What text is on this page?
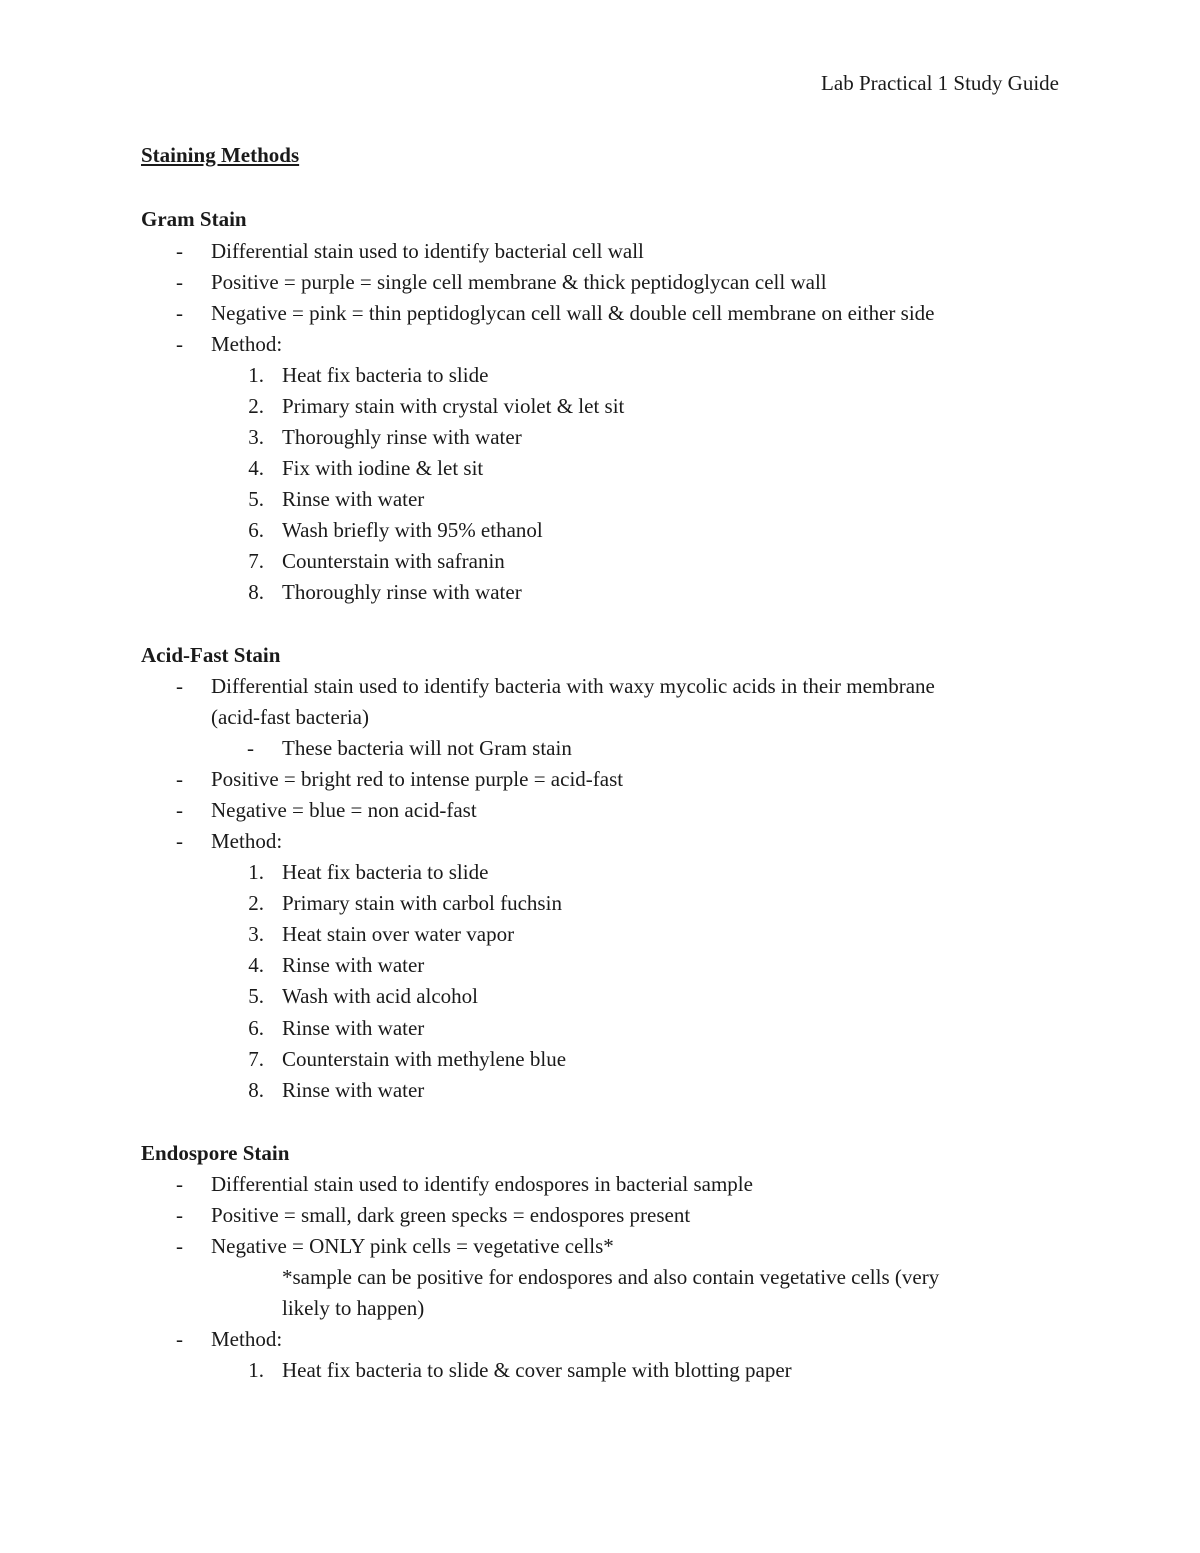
Lab Practical 1 Study Guide
Staining Methods
Gram Stain
-	Differential stain used to identify bacterial cell wall
-	Positive = purple = single cell membrane & thick peptidoglycan cell wall
-	Negative = pink = thin peptidoglycan cell wall & double cell membrane on either side
-	Method:
1. Heat fix bacteria to slide
2. Primary stain with crystal violet & let sit
3. Thoroughly rinse with water
4. Fix with iodine & let sit
5. Rinse with water
6. Wash briefly with 95% ethanol
7. Counterstain with safranin
8. Thoroughly rinse with water
Acid-Fast Stain
-	Differential stain used to identify bacteria with waxy mycolic acids in their membrane
(acid-fast bacteria)
-	These bacteria will not Gram stain
-	Positive = bright red to intense purple = acid-fast
-	Negative = blue = non acid-fast
-	Method:
1. Heat fix bacteria to slide
2. Primary stain with carbol fuchsin
3. Heat stain over water vapor
4. Rinse with water
5. Wash with acid alcohol
6. Rinse with water
7. Counterstain with methylene blue
8. Rinse with water
Endospore Stain
-	Differential stain used to identify endospores in bacterial sample
-	Positive = small, dark green specks = endospores present
-	Negative = ONLY pink cells = vegetative cells*
*sample can be positive for endospores and also contain vegetative cells (very
likely to happen)
-	Method:
1. Heat fix bacteria to slide & cover sample with blotting paper
